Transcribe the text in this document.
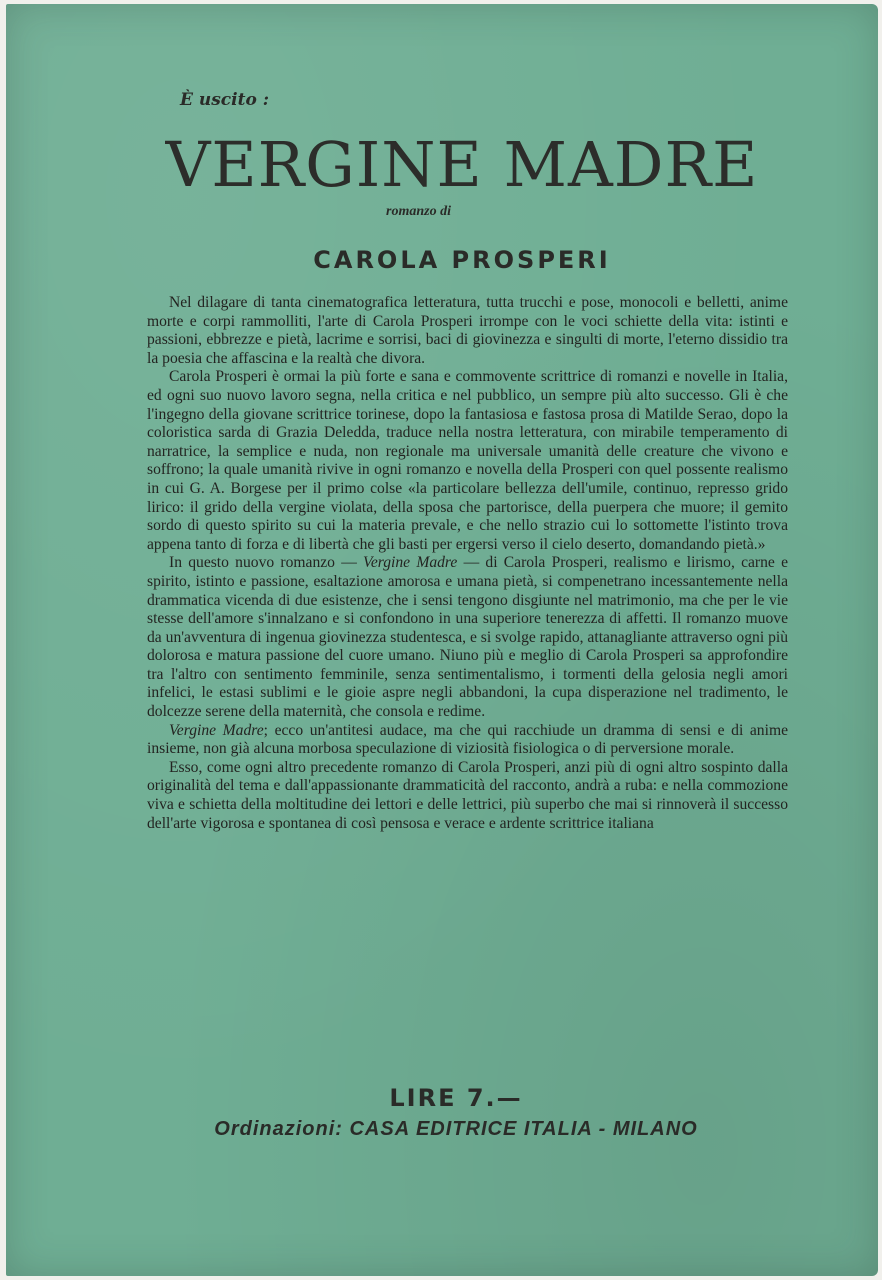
È uscito :
VERGINE MADRE
romanzo di
CAROLA PROSPERI

Nel dilagare di tanta cinematografica letteratura, tutta trucchi e pose, monocoli e belletti, anime morte e corpi rammolliti, l'arte di Carola Prosperi irrompe con le voci schiette della vita: istinti e passioni, ebbrezze e pietà, lacrime e sorrisi, baci di giovinezza e singulti di morte, l'eterno dissidio tra la poesia che affascina e la realtà che divora.

Carola Prosperi è ormai la più forte e sana e commovente scrittrice di romanzi e novelle in Italia, ed ogni suo nuovo lavoro segna, nella critica e nel pubblico, un sempre più alto successo. Gli è che l'ingegno della giovane scrittrice torinese, dopo la fantasiosa e fastosa prosa di Matilde Serao, dopo la coloristica sarda di Grazia Deledda, traduce nella nostra letteratura, con mirabile temperamento di narratrice, la semplice e nuda, non regionale ma universale umanità delle creature che vivono e soffrono; la quale umanità rivive in ogni romanzo e novella della Prosperi con quel possente realismo in cui G. A. Borgese per il primo colse «la particolare bellezza dell'umile, continuo, represso grido lirico: il grido della vergine violata, della sposa che partorisce, della puerpera che muore; il gemito sordo di questo spirito su cui la materia prevale, e che nello strazio cui lo sottomette l'istinto trova appena tanto di forza e di libertà che gli basti per ergersi verso il cielo deserto, domandando pietà.»

In questo nuovo romanzo — Vergine Madre — di Carola Prosperi, realismo e lirismo, carne e spirito, istinto e passione, esaltazione amorosa e umana pietà, si compenetrano incessantemente nella drammatica vicenda di due esistenze, che i sensi tengono disgiunte nel matrimonio, ma che per le vie stesse dell'amore s'innalzano e si confondono in una superiore tenerezza di affetti. Il romanzo muove da un'avventura di ingenua giovinezza studentesca, e si svolge rapido, attanagliante attraverso ogni più dolorosa e matura passione del cuore umano. Niuno più e meglio di Carola Prosperi sa approfondire tra l'altro con sentimento femminile, senza sentimentalismo, i tormenti della gelosia negli amori infelici, le estasi sublimi e le gioie aspre negli abbandoni, la cupa disperazione nel tradimento, le dolcezze serene della maternità, che consola e redime.

Vergine Madre; ecco un'antitesi audace, ma che qui racchiude un dramma di sensi e di anime insieme, non già alcuna morbosa speculazione di viziosità fisiologica o di perversione morale.

Esso, come ogni altro precedente romanzo di Carola Prosperi, anzi più di ogni altro sospinto dalla originalità del tema e dall'appassionante drammaticità del racconto, andrà a ruba: e nella commozione viva e schietta della moltitudine dei lettori e delle lettrici, più superbo che mai si rinnoverà il successo dell'arte vigorosa e spontanea di così pensosa e verace e ardente scrittrice italiana

LIRE 7.—
Ordinazioni: CASA EDITRICE ITALIA - MILANO
